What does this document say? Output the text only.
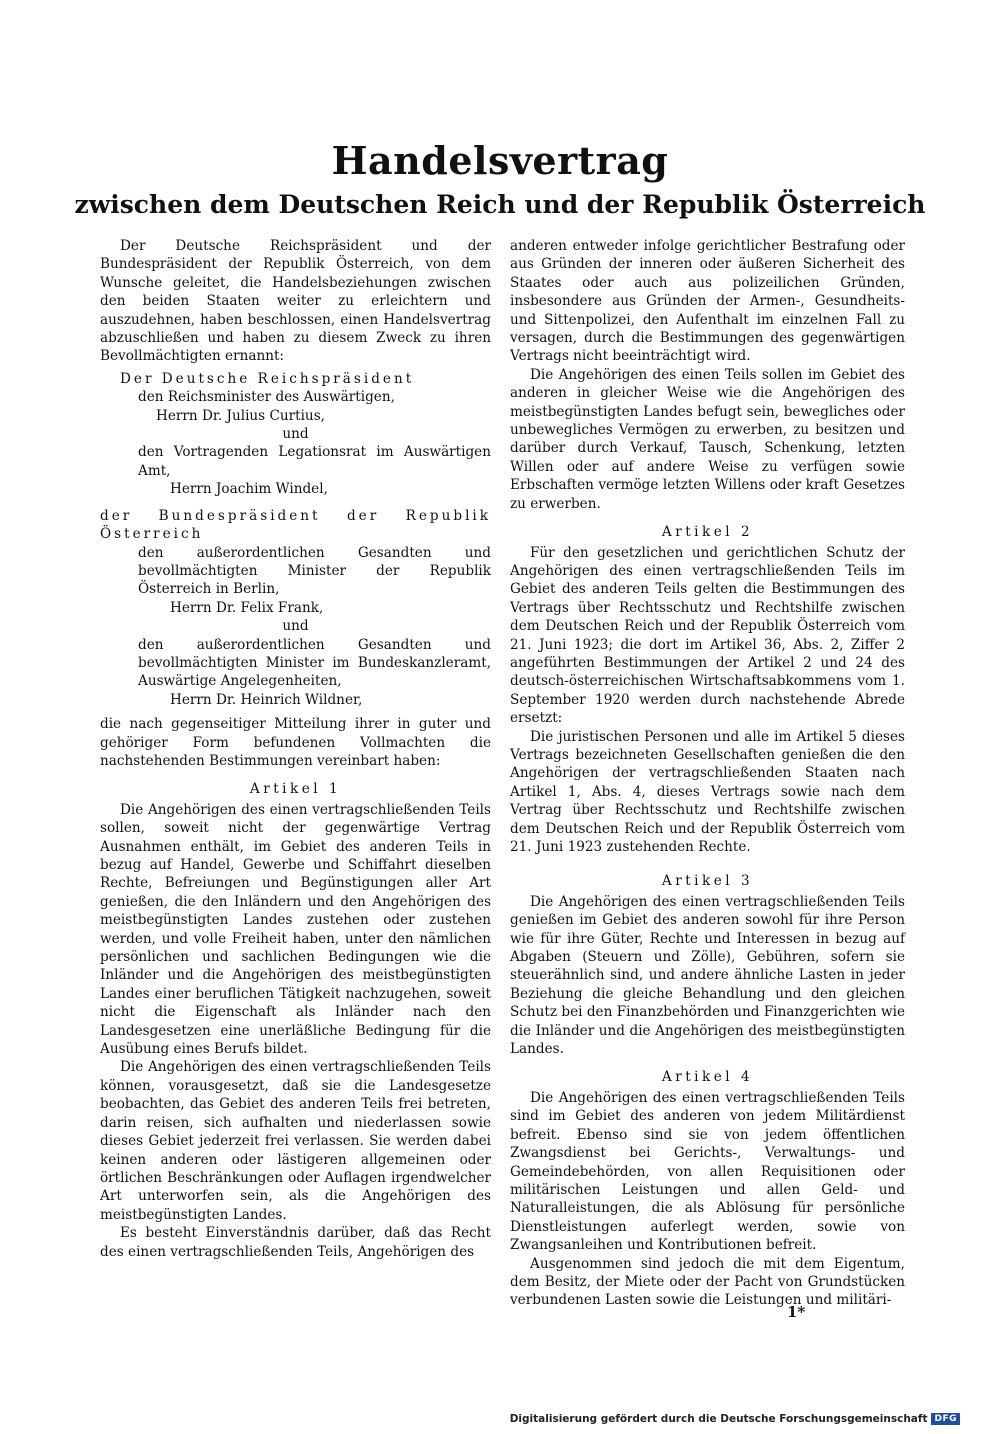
Handelsvertrag
zwischen dem Deutschen Reich und der Republik Österreich

Der Deutsche Reichspräsident und der Bundespräsident der Republik Österreich, von dem Wunsche geleitet, die Handelsbeziehungen zwischen den beiden Staaten weiter zu erleichtern und auszudehnen, haben beschlossen, einen Handelsvertrag abzuschließen und haben zu diesem Zweck zu ihren Bevollmächtigten ernannt:

Der Deutsche Reichspräsident

den Reichsminister des Auswärtigen,

Herrn Dr. Julius Curtius,

und

den Vortragenden Legationsrat im Auswärtigen Amt,

Herrn Joachim Windel,

der Bundespräsident der Republik Österreich

den außerordentlichen Gesandten und bevollmächtigten Minister der Republik Österreich in Berlin,

Herrn Dr. Felix Frank,

und

den außerordentlichen Gesandten und bevollmächtigten Minister im Bundeskanzleramt, Auswärtige Angelegenheiten,

Herrn Dr. Heinrich Wildner,

die nach gegenseitiger Mitteilung ihrer in guter und gehöriger Form befundenen Vollmachten die nachstehenden Bestimmungen vereinbart haben:

Artikel 1

Die Angehörigen des einen vertragschließenden Teils sollen, soweit nicht der gegenwärtige Vertrag Ausnahmen enthält, im Gebiet des anderen Teils in bezug auf Handel, Gewerbe und Schiffahrt dieselben Rechte, Befreiungen und Begünstigungen aller Art genießen, die den Inländern und den Angehörigen des meistbegünstigten Landes zustehen oder zustehen werden, und volle Freiheit haben, unter den nämlichen persönlichen und sachlichen Bedingungen wie die Inländer und die Angehörigen des meistbegünstigten Landes einer beruflichen Tätigkeit nachzugehen, soweit nicht die Eigenschaft als Inländer nach den Landesgesetzen eine unerläßliche Bedingung für die Ausübung eines Berufs bildet.

Die Angehörigen des einen vertragschließenden Teils können, vorausgesetzt, daß sie die Landesgesetze beobachten, das Gebiet des anderen Teils frei betreten, darin reisen, sich aufhalten und niederlassen sowie dieses Gebiet jederzeit frei verlassen. Sie werden dabei keinen anderen oder lästigeren allgemeinen oder örtlichen Beschränkungen oder Auflagen irgendwelcher Art unterworfen sein, als die Angehörigen des meistbegünstigten Landes.

Es besteht Einverständnis darüber, daß das Recht des einen vertragschließenden Teils, Angehörigen des

anderen entweder infolge gerichtlicher Bestrafung oder aus Gründen der inneren oder äußeren Sicherheit des Staates oder auch aus polizeilichen Gründen, insbesondere aus Gründen der Armen-, Gesundheits- und Sittenpolizei, den Aufenthalt im einzelnen Fall zu versagen, durch die Bestimmungen des gegenwärtigen Vertrags nicht beeinträchtigt wird.

Die Angehörigen des einen Teils sollen im Gebiet des anderen in gleicher Weise wie die Angehörigen des meistbegünstigten Landes befugt sein, bewegliches oder unbewegliches Vermögen zu erwerben, zu besitzen und darüber durch Verkauf, Tausch, Schenkung, letzten Willen oder auf andere Weise zu verfügen sowie Erbschaften vermöge letzten Willens oder kraft Gesetzes zu erwerben.

Artikel 2

Für den gesetzlichen und gerichtlichen Schutz der Angehörigen des einen vertragschließenden Teils im Gebiet des anderen Teils gelten die Bestimmungen des Vertrags über Rechtsschutz und Rechtshilfe zwischen dem Deutschen Reich und der Republik Österreich vom 21. Juni 1923; die dort im Artikel 36, Abs. 2, Ziffer 2 angeführten Bestimmungen der Artikel 2 und 24 des deutsch-österreichischen Wirtschaftsabkommens vom 1. September 1920 werden durch nachstehende Abrede ersetzt:

Die juristischen Personen und alle im Artikel 5 dieses Vertrags bezeichneten Gesellschaften genießen die den Angehörigen der vertragschließenden Staaten nach Artikel 1, Abs. 4, dieses Vertrags sowie nach dem Vertrag über Rechtsschutz und Rechtshilfe zwischen dem Deutschen Reich und der Republik Österreich vom 21. Juni 1923 zustehenden Rechte.

Artikel 3

Die Angehörigen des einen vertragschließenden Teils genießen im Gebiet des anderen sowohl für ihre Person wie für ihre Güter, Rechte und Interessen in bezug auf Abgaben (Steuern und Zölle), Gebühren, sofern sie steuerähnlich sind, und andere ähnliche Lasten in jeder Beziehung die gleiche Behandlung und den gleichen Schutz bei den Finanzbehörden und Finanzgerichten wie die Inländer und die Angehörigen des meistbegünstigten Landes.

Artikel 4

Die Angehörigen des einen vertragschließenden Teils sind im Gebiet des anderen von jedem Militärdienst befreit. Ebenso sind sie von jedem öffentlichen Zwangsdienst bei Gerichts-, Verwaltungs- und Gemeindebehörden, von allen Requisitionen oder militärischen Leistungen und allen Geld- und Naturalleistungen, die als Ablösung für persönliche Dienstleistungen auferlegt werden, sowie von Zwangsanleihen und Kontributionen befreit.

Ausgenommen sind jedoch die mit dem Eigentum, dem Besitz, der Miete oder der Pacht von Grundstücken verbundenen Lasten sowie die Leistungen und militäri-

1*
Digitalisierung gefördert durch die Deutsche Forschungsgemeinschaft DFG
